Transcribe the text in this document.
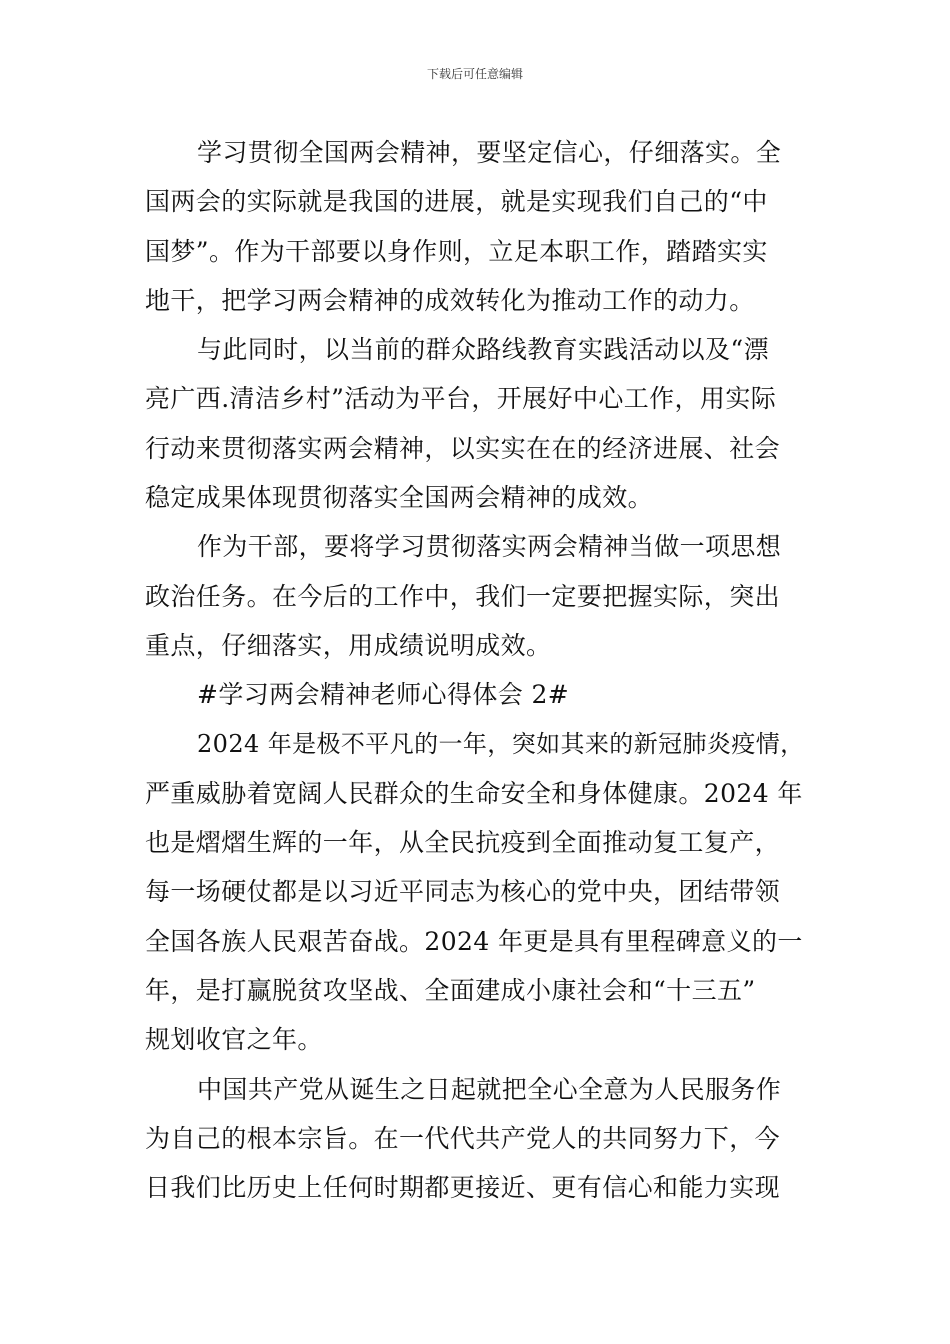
下载后可任意编辑
学习贯彻全国两会精神，要坚定信心，仔细落实。全
国两会的实际就是我国的进展，就是实现我们自己的“中
国梦”。作为干部要以身作则，立足本职工作，踏踏实实
地干，把学习两会精神的成效转化为推动工作的动力。
与此同时，以当前的群众路线教育实践活动以及“漂
亮广西.清洁乡村”活动为平台，开展好中心工作，用实际
行动来贯彻落实两会精神，以实实在在的经济进展、社会
稳定成果体现贯彻落实全国两会精神的成效。
作为干部，要将学习贯彻落实两会精神当做一项思想
政治任务。在今后的工作中，我们一定要把握实际，突出
重点，仔细落实，用成绩说明成效。
#学习两会精神老师心得体会 2#
2024 年是极不平凡的一年，突如其来的新冠肺炎疫情，
严重威胁着宽阔人民群众的生命安全和身体健康。2024 年
也是熠熠生辉的一年，从全民抗疫到全面推动复工复产，
每一场硬仗都是以习近平同志为核心的党中央，团结带领
全国各族人民艰苦奋战。2024 年更是具有里程碑意义的一
年，是打赢脱贫攻坚战、全面建成小康社会和“十三五”
规划收官之年。
中国共产党从诞生之日起就把全心全意为人民服务作
为自己的根本宗旨。在一代代共产党人的共同努力下，今
日我们比历史上任何时期都更接近、更有信心和能力实现
